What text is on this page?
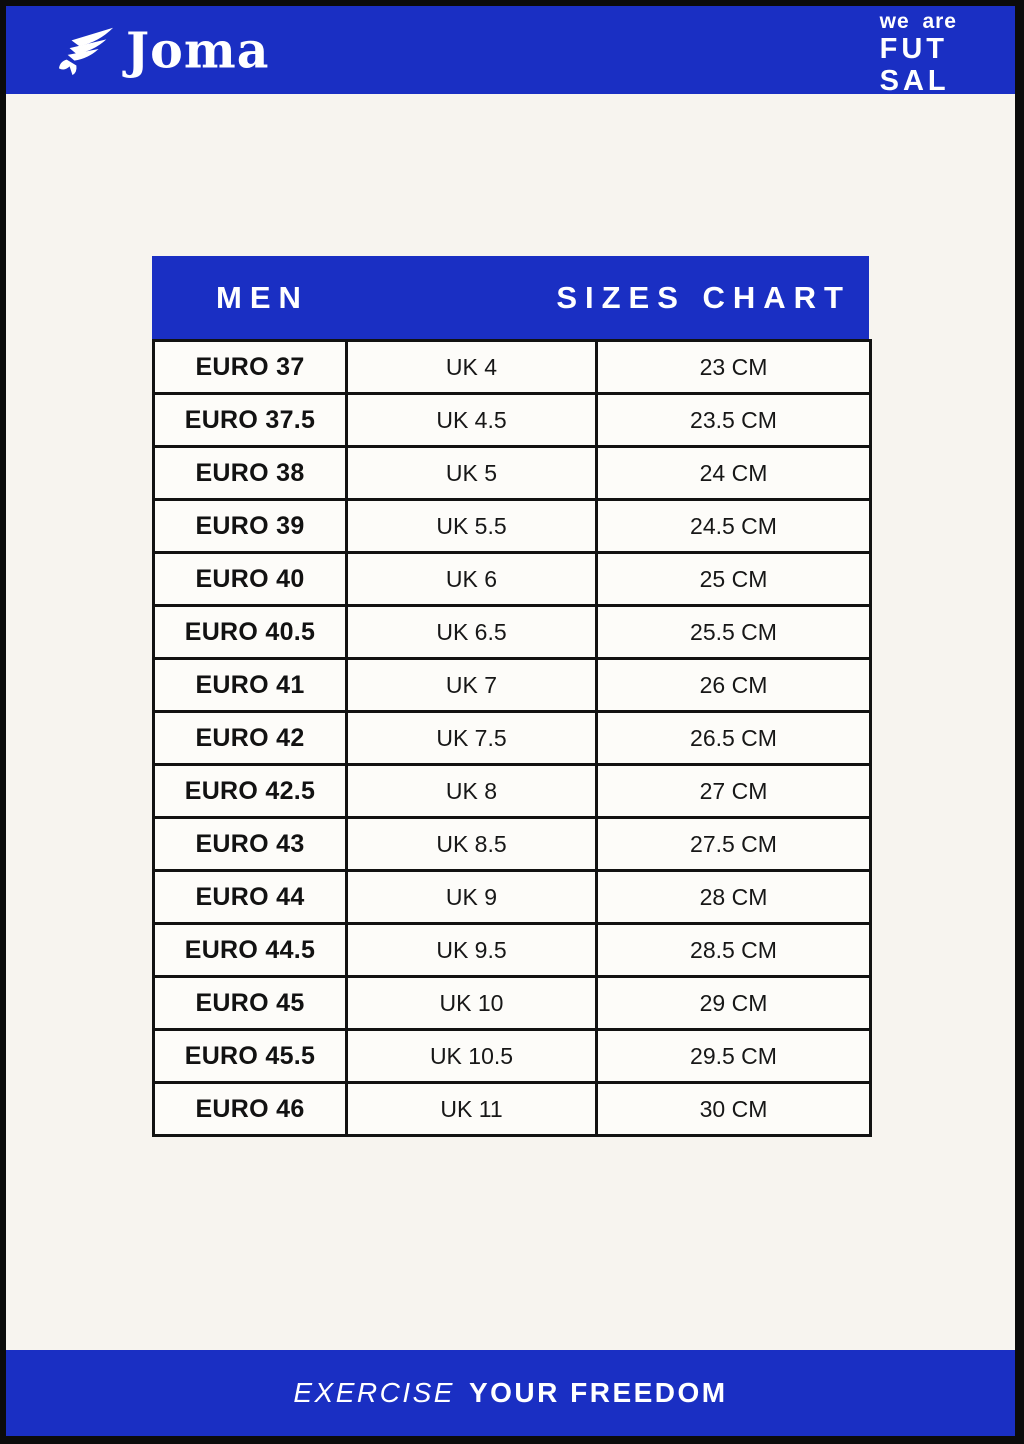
Joma	we are
FUT
SAL
MEN	SIZES CHART
EURO 37	UK 4	23 CM
EURO 37.5	UK 4.5	23.5 CM
EURO 38	UK 5	24 CM
EURO 39	UK 5.5	24.5 CM
EURO 40	UK 6	25 CM
EURO 40.5	UK 6.5	25.5 CM
EURO 41	UK 7	26 CM
EURO 42	UK 7.5	26.5 CM
EURO 42.5	UK 8	27 CM
EURO 43	UK 8.5	27.5 CM
EURO 44	UK 9	28 CM
EURO 44.5	UK 9.5	28.5 CM
EURO 45	UK 10	29 CM
EURO 45.5	UK 10.5	29.5 CM
EURO 46	UK 11	30 CM
EXERCISE YOUR FREEDOM
